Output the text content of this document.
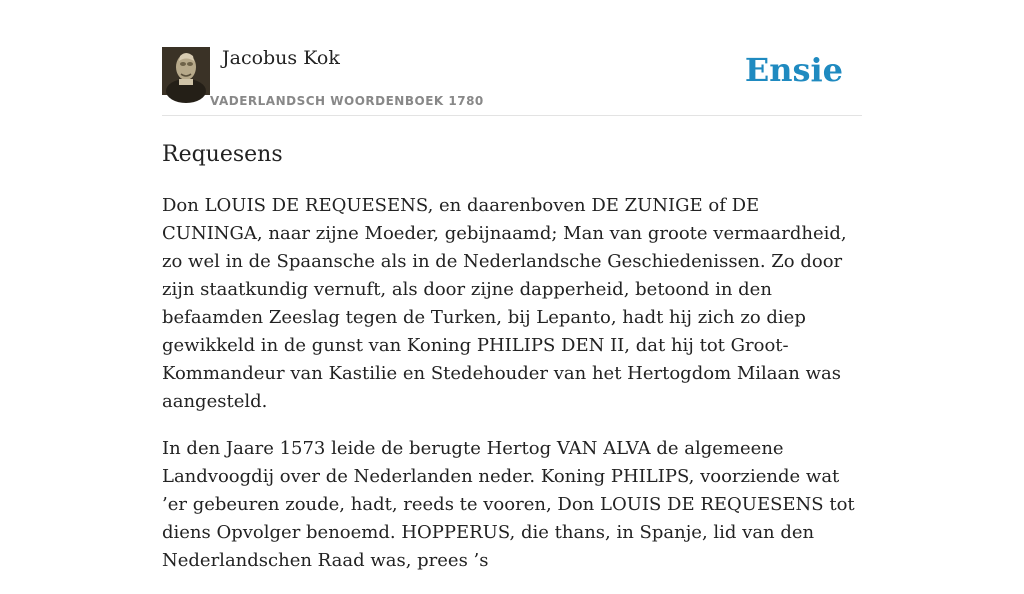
Jacobus Kok
VADERLANDSCH WOORDENBOEK 1780
Ensie
Requesens

Don LOUIS DE REQUESENS, en daarenboven DE ZUNIGE of DE CUNINGA, naar zijne Moeder, gebijnaamd; Man van groote vermaardheid, zo wel in de Spaansche als in de Nederlandsche Geschiedenissen. Zo door zijn staatkundig vernuft, als door zijne dapperheid, betoond in den befaamden Zeeslag tegen de Turken, bij Lepanto, hadt hij zich zo diep gewikkeld in de gunst van Koning PHILIPS DEN II, dat hij tot Groot-Kommandeur van Kastilie en Stedehouder van het Hertogdom Milaan was aangesteld.

In den Jaare 1573 leide de berugte Hertog VAN ALVA de algemeene Landvoogdij over de Nederlanden neder. Koning PHILIPS, voorziende wat ’er gebeuren zoude, hadt, reeds te vooren, Don LOUIS DE REQUESENS tot diens Opvolger benoemd. HOPPERUS, die thans, in Spanje, lid van den Nederlandschen Raad was, prees ’s
